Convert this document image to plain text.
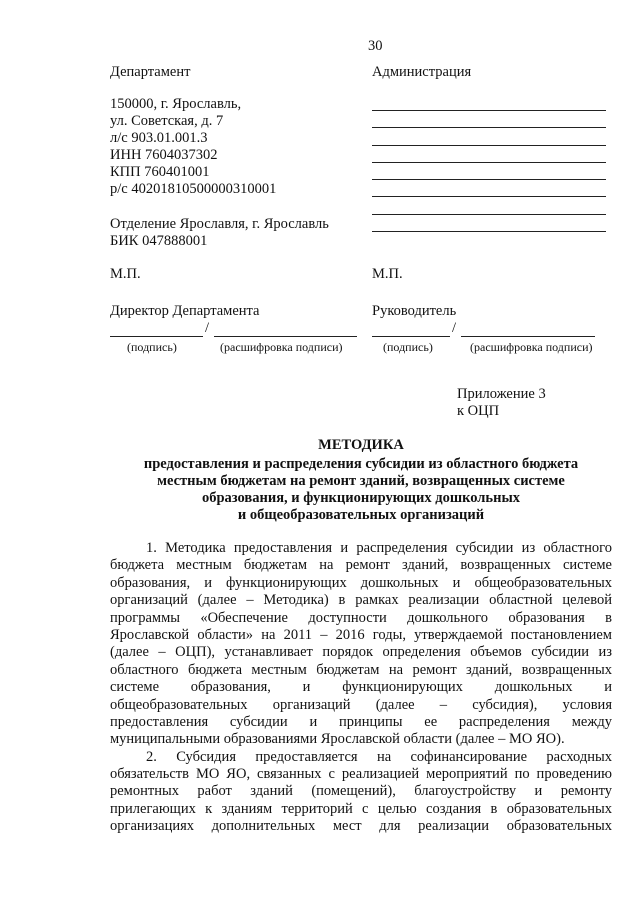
30
Департамент
150000, г. Ярославль,
ул. Советская, д. 7
л/с 903.01.001.3
ИНН 7604037302
КПП 760401001
р/с 40201810500000310001
Отделение Ярославля, г. Ярославль
БИК 047888001
М.П.
Директор Департамента
/
(подпись)	(расшифровка подписи)
Администрация
М.П.
Руководитель
/
(подпись)	(расшифровка подписи)
Приложение 3
к ОЦП
МЕТОДИКА
предоставления и распределения субсидии из областного бюджета
местным бюджетам на ремонт зданий, возвращенных системе
образования, и функционирующих дошкольных
и общеобразовательных организаций
1. Методика предоставления и распределения субсидии из областного
бюджета местным бюджетам на ремонт зданий, возвращенных системе
образования, и функционирующих дошкольных и общеобразовательных
организаций (далее – Методика) в рамках реализации областной целевой
программы «Обеспечение доступности дошкольного образования в
Ярославской области» на 2011 – 2016 годы, утверждаемой постановлением
(далее – ОЦП), устанавливает порядок определения объемов субсидии из
областного бюджета местным бюджетам на ремонт зданий, возвращенных
системе образования, и функционирующих дошкольных и
общеобразовательных организаций (далее – субсидия), условия
предоставления субсидии и принципы ее распределения между
муниципальными образованиями Ярославской области (далее – МО ЯО).
2. Субсидия предоставляется на софинансирование расходных
обязательств МО ЯО, связанных с реализацией мероприятий по проведению
ремонтных работ зданий (помещений), благоустройству и ремонту
прилегающих к зданиям территорий с целью создания в образовательных
организациях дополнительных мест для реализации образовательных
